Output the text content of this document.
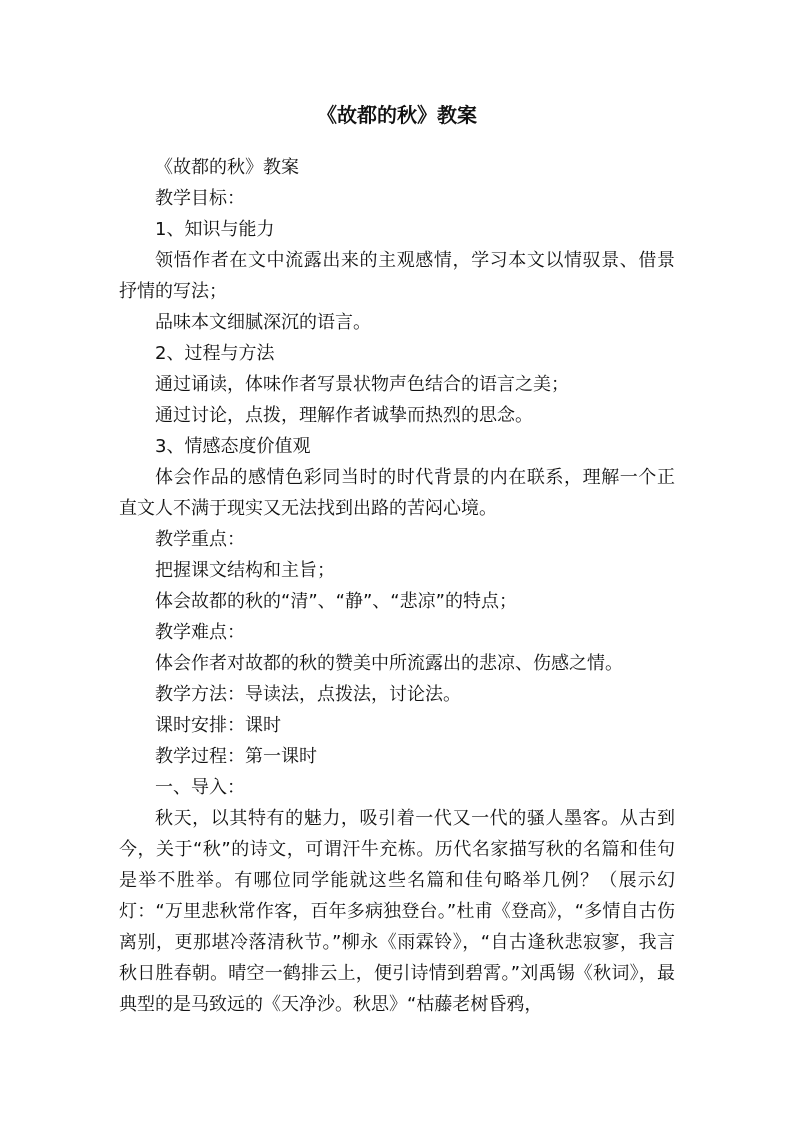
《故都的秋》教案

《故都的秋》教案

教学目标：

1、知识与能力

领悟作者在文中流露出来的主观感情，学习本文以情驭景、借景抒情的写法；

品味本文细腻深沉的语言。

2、过程与方法

通过诵读，体味作者写景状物声色结合的语言之美；

通过讨论，点拨，理解作者诚挚而热烈的思念。

3、情感态度价值观

体会作品的感情色彩同当时的时代背景的内在联系，理解一个正直文人不满于现实又无法找到出路的苦闷心境。

教学重点：

把握课文结构和主旨；

体会故都的秋的“清”、“静”、“悲凉”的特点；

教学难点：

体会作者对故都的秋的赞美中所流露出的悲凉、伤感之情。

教学方法：导读法，点拨法，讨论法。

课时安排：课时

教学过程：第一课时

一、导入：

秋天，以其特有的魅力，吸引着一代又一代的骚人墨客。从古到今，关于“秋”的诗文，可谓汗牛充栋。历代名家描写秋的名篇和佳句是举不胜举。有哪位同学能就这些名篇和佳句略举几例？（展示幻灯：“万里悲秋常作客，百年多病独登台。”杜甫《登高》，“多情自古伤离别，更那堪冷落清秋节。”柳永《雨霖铃》，“自古逢秋悲寂寥，我言秋日胜春朝。晴空一鹤排云上，便引诗情到碧霄。”刘禹锡《秋词》，最典型的是马致远的《天净沙。秋思》“枯藤老树昏鸦，
